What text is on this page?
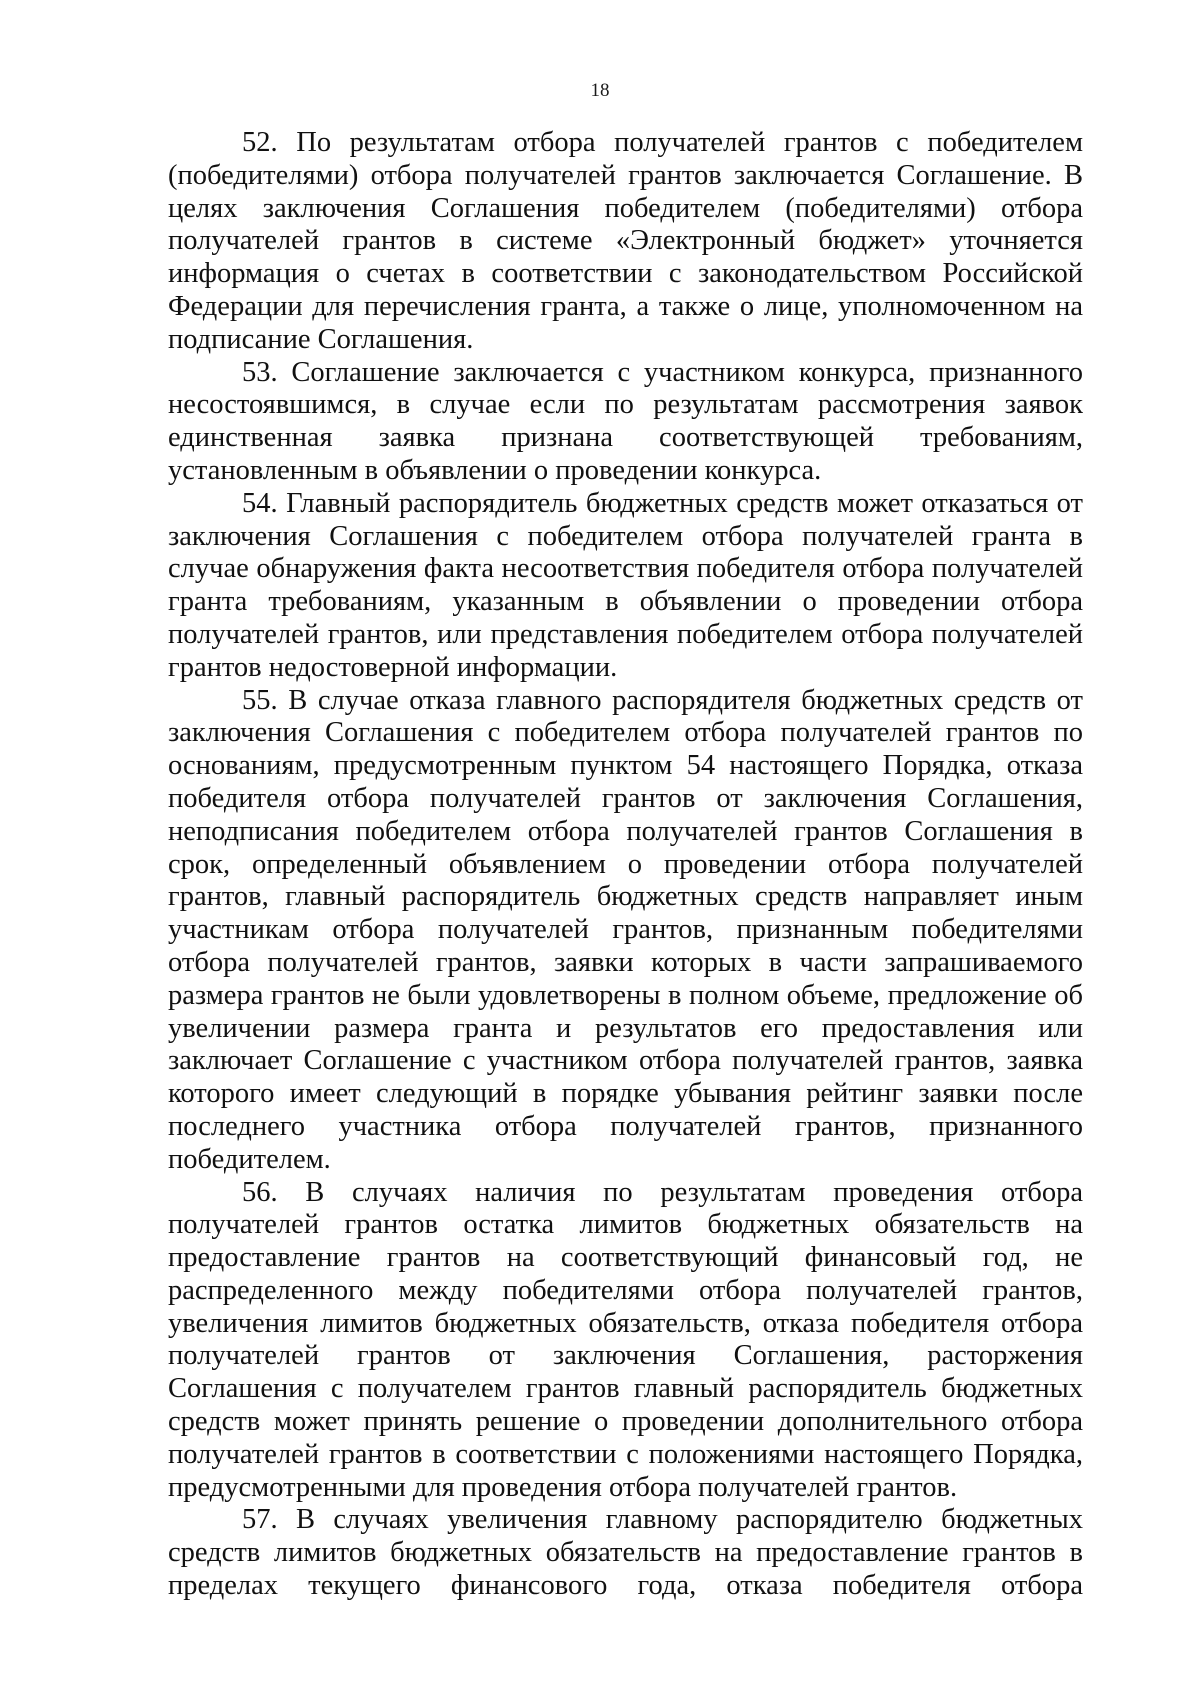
18

52. По результатам отбора получателей грантов с победителем (победителями) отбора получателей грантов заключается Соглашение. В целях заключения Соглашения победителем (победителями) отбора получателей грантов в системе «Электронный бюджет» уточняется информация о счетах в соответствии с законодательством Российской Федерации для перечисления гранта, а также о лице, уполномоченном на подписание Соглашения.

53. Соглашение заключается с участником конкурса, признанного несостоявшимся, в случае если по результатам рассмотрения заявок единственная заявка признана соответствующей требованиям, установленным в объявлении о проведении конкурса.

54. Главный распорядитель бюджетных средств может отказаться от заключения Соглашения с победителем отбора получателей гранта в случае обнаружения факта несоответствия победителя отбора получателей гранта требованиям, указанным в объявлении о проведении отбора получателей грантов, или представления победителем отбора получателей грантов недостоверной информации.

55. В случае отказа главного распорядителя бюджетных средств от заключения Соглашения с победителем отбора получателей грантов по основаниям, предусмотренным пунктом 54 настоящего Порядка, отказа победителя отбора получателей грантов от заключения Соглашения, неподписания победителем отбора получателей грантов Соглашения в срок, определенный объявлением о проведении отбора получателей грантов, главный распорядитель бюджетных средств направляет иным участникам отбора получателей грантов, признанным победителями отбора получателей грантов, заявки которых в части запрашиваемого размера грантов не были удовлетворены в полном объеме, предложение об увеличении размера гранта и результатов его предоставления или заключает Соглашение с участником отбора получателей грантов, заявка которого имеет следующий в порядке убывания рейтинг заявки после последнего участника отбора получателей грантов, признанного победителем.

56. В случаях наличия по результатам проведения отбора получателей грантов остатка лимитов бюджетных обязательств на предоставление грантов на соответствующий финансовый год, не распределенного между победителями отбора получателей грантов, увеличения лимитов бюджетных обязательств, отказа победителя отбора получателей грантов от заключения Соглашения, расторжения Соглашения с получателем грантов главный распорядитель бюджетных средств может принять решение о проведении дополнительного отбора получателей грантов в соответствии с положениями настоящего Порядка, предусмотренными для проведения отбора получателей грантов.

57. В случаях увеличения главному распорядителю бюджетных средств лимитов бюджетных обязательств на предоставление грантов в пределах текущего финансового года, отказа победителя отбора
